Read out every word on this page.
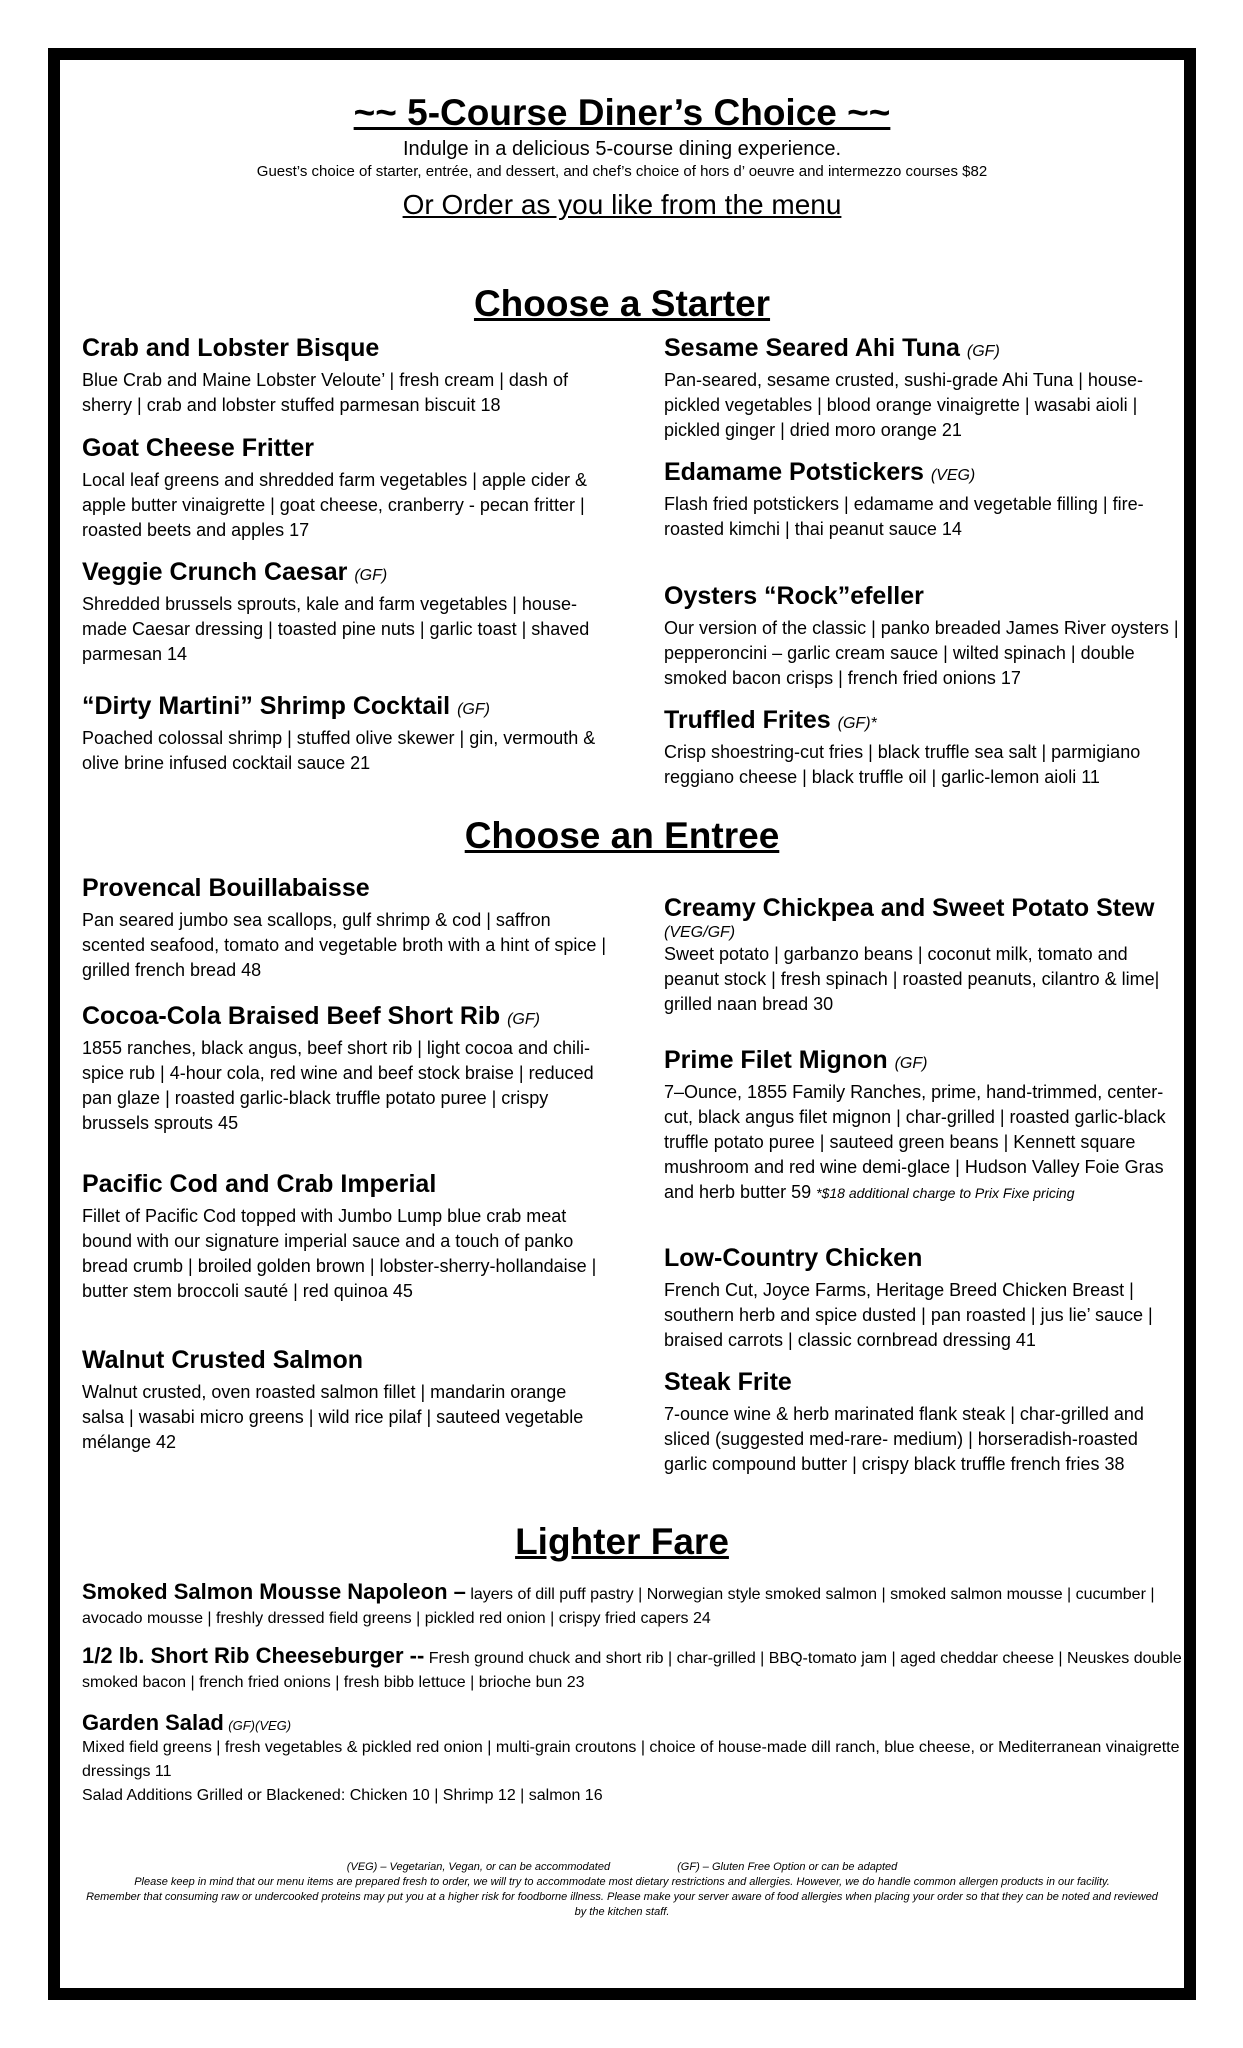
~~ 5-Course Diner’s Choice ~~
Indulge in a delicious 5-course dining experience.
Guest’s choice of starter, entrée, and dessert, and chef’s choice of hors d’ oeuvre and intermezzo courses $82
Or Order as you like from the menu
Choose a Starter
Crab and Lobster Bisque
Blue Crab and Maine Lobster Veloute’ | fresh cream | dash of sherry | crab and lobster stuffed parmesan biscuit 18
Goat Cheese Fritter
Local leaf greens and shredded farm vegetables | apple cider & apple butter vinaigrette | goat cheese, cranberry - pecan fritter | roasted beets and apples 17
Veggie Crunch Caesar (GF)
Shredded brussels sprouts, kale and farm vegetables | house-made Caesar dressing | toasted pine nuts | garlic toast | shaved parmesan 14
“Dirty Martini” Shrimp Cocktail (GF)
Poached colossal shrimp | stuffed olive skewer | gin, vermouth & olive brine infused cocktail sauce 21
Sesame Seared Ahi Tuna (GF)
Pan-seared, sesame crusted, sushi-grade Ahi Tuna | house-pickled vegetables | blood orange vinaigrette | wasabi aioli | pickled ginger | dried moro orange 21
Edamame Potstickers (VEG)
Flash fried potstickers | edamame and vegetable filling | fire-roasted kimchi | thai peanut sauce 14
Oysters “Rock”efeller
Our version of the classic | panko breaded James River oysters | pepperoncini – garlic cream sauce | wilted spinach | double smoked bacon crisps | french fried onions 17
Truffled Frites (GF)*
Crisp shoestring-cut fries | black truffle sea salt | parmigiano reggiano cheese | black truffle oil | garlic-lemon aioli 11
Choose an Entree
Provencal Bouillabaisse
Pan seared jumbo sea scallops, gulf shrimp & cod | saffron scented seafood, tomato and vegetable broth with a hint of spice | grilled french bread 48
Cocoa-Cola Braised Beef Short Rib (GF)
1855 ranches, black angus, beef short rib | light cocoa and chili-spice rub | 4-hour cola, red wine and beef stock braise | reduced pan glaze | roasted garlic-black truffle potato puree | crispy brussels sprouts 45
Pacific Cod and Crab Imperial
Fillet of Pacific Cod topped with Jumbo Lump blue crab meat bound with our signature imperial sauce and a touch of panko bread crumb | broiled golden brown | lobster-sherry-hollandaise | butter stem broccoli sauté | red quinoa 45
Walnut Crusted Salmon
Walnut crusted, oven roasted salmon fillet | mandarin orange salsa | wasabi micro greens | wild rice pilaf | sauteed vegetable mélange 42
Creamy Chickpea and Sweet Potato Stew
(VEG/GF)
Sweet potato | garbanzo beans | coconut milk, tomato and peanut stock | fresh spinach | roasted peanuts, cilantro & lime| grilled naan bread 30
Prime Filet Mignon (GF)
7–Ounce, 1855 Family Ranches, prime, hand-trimmed, center-cut, black angus filet mignon | char-grilled | roasted garlic-black truffle potato puree | sauteed green beans | Kennett square mushroom and red wine demi-glace | Hudson Valley Foie Gras and herb butter 59 *$18 additional charge to Prix Fixe pricing
Low-Country Chicken
French Cut, Joyce Farms, Heritage Breed Chicken Breast | southern herb and spice dusted | pan roasted | jus lie’ sauce | braised carrots | classic cornbread dressing 41
Steak Frite
7-ounce wine & herb marinated flank steak | char-grilled and sliced (suggested med-rare- medium) | horseradish-roasted garlic compound butter | crispy black truffle french fries 38
Lighter Fare
Smoked Salmon Mousse Napoleon – layers of dill puff pastry | Norwegian style smoked salmon | smoked salmon mousse | cucumber | avocado mousse | freshly dressed field greens | pickled red onion | crispy fried capers 24
1/2 lb. Short Rib Cheeseburger -- Fresh ground chuck and short rib | char-grilled | BBQ-tomato jam | aged cheddar cheese | Neuskes double smoked bacon | french fried onions | fresh bibb lettuce | brioche bun 23
Garden Salad (GF)(VEG)
Mixed field greens | fresh vegetables & pickled red onion | multi-grain croutons | choice of house-made dill ranch, blue cheese, or Mediterranean vinaigrette dressings 11
Salad Additions Grilled or Blackened: Chicken 10 | Shrimp 12 | salmon 16
(VEG) – Vegetarian, Vegan, or can be accommodated	(GF) – Gluten Free Option or can be adapted
Please keep in mind that our menu items are prepared fresh to order, we will try to accommodate most dietary restrictions and allergies. However, we do handle common allergen products in our facility.
Remember that consuming raw or undercooked proteins may put you at a higher risk for foodborne illness. Please make your server aware of food allergies when placing your order so that they can be noted and reviewed by the kitchen staff.
